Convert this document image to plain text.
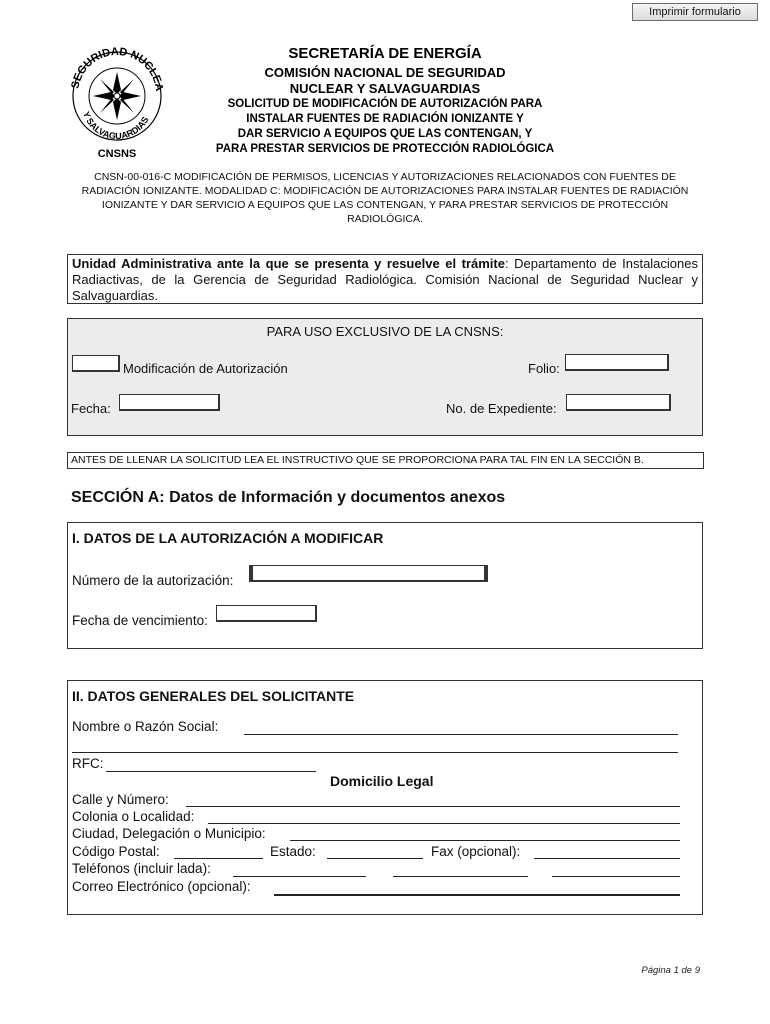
Imprimir formulario
SEGURIDAD NUCLEA
Y SALVAGUARDIAS
CNSNS
SECRETARÍA DE ENERGÍA
COMISIÓN NACIONAL DE SEGURIDAD
NUCLEAR Y SALVAGUARDIAS
SOLICITUD DE MODIFICACIÓN DE AUTORIZACIÓN PARA
INSTALAR FUENTES DE RADIACIÓN IONIZANTE Y
DAR SERVICIO A EQUIPOS QUE LAS CONTENGAN, Y
PARA PRESTAR SERVICIOS DE PROTECCIÓN RADIOLÓGICA
CNSN-00-016-C MODIFICACIÓN DE PERMISOS, LICENCIAS Y AUTORIZACIONES RELACIONADOS CON FUENTES DE RADIACIÓN IONIZANTE. MODALIDAD C: MODIFICACIÓN DE AUTORIZACIONES PARA INSTALAR FUENTES DE RADIACIÓN IONIZANTE Y DAR SERVICIO A EQUIPOS QUE LAS CONTENGAN, Y PARA PRESTAR SERVICIOS DE PROTECCIÓN RADIOLÓGICA.
Unidad Administrativa ante la que se presenta y resuelve el trámite: Departamento de Instalaciones Radiactivas, de la Gerencia de Seguridad Radiológica. Comisión Nacional de Seguridad Nuclear y Salvaguardias.
PARA USO EXCLUSIVO DE LA CNSNS:
Modificación de Autorización	Folio:
Fecha:	No. de Expediente:
ANTES DE LLENAR LA SOLICITUD LEA EL INSTRUCTIVO QUE SE PROPORCIONA PARA TAL FIN EN LA SECCIÓN B.
SECCIÓN A: Datos de Información y documentos anexos
I. DATOS DE LA AUTORIZACIÓN A MODIFICAR
Número de la autorización:
Fecha de vencimiento:
II. DATOS GENERALES DEL SOLICITANTE
Nombre o Razón Social:
RFC:
Domicilio Legal
Calle y Número:
Colonia o Localidad:
Ciudad, Delegación o Municipio:
Código Postal:	Estado:	Fax (opcional):
Teléfonos (incluir lada):
Correo Electrónico (opcional):
Página 1 de 9
